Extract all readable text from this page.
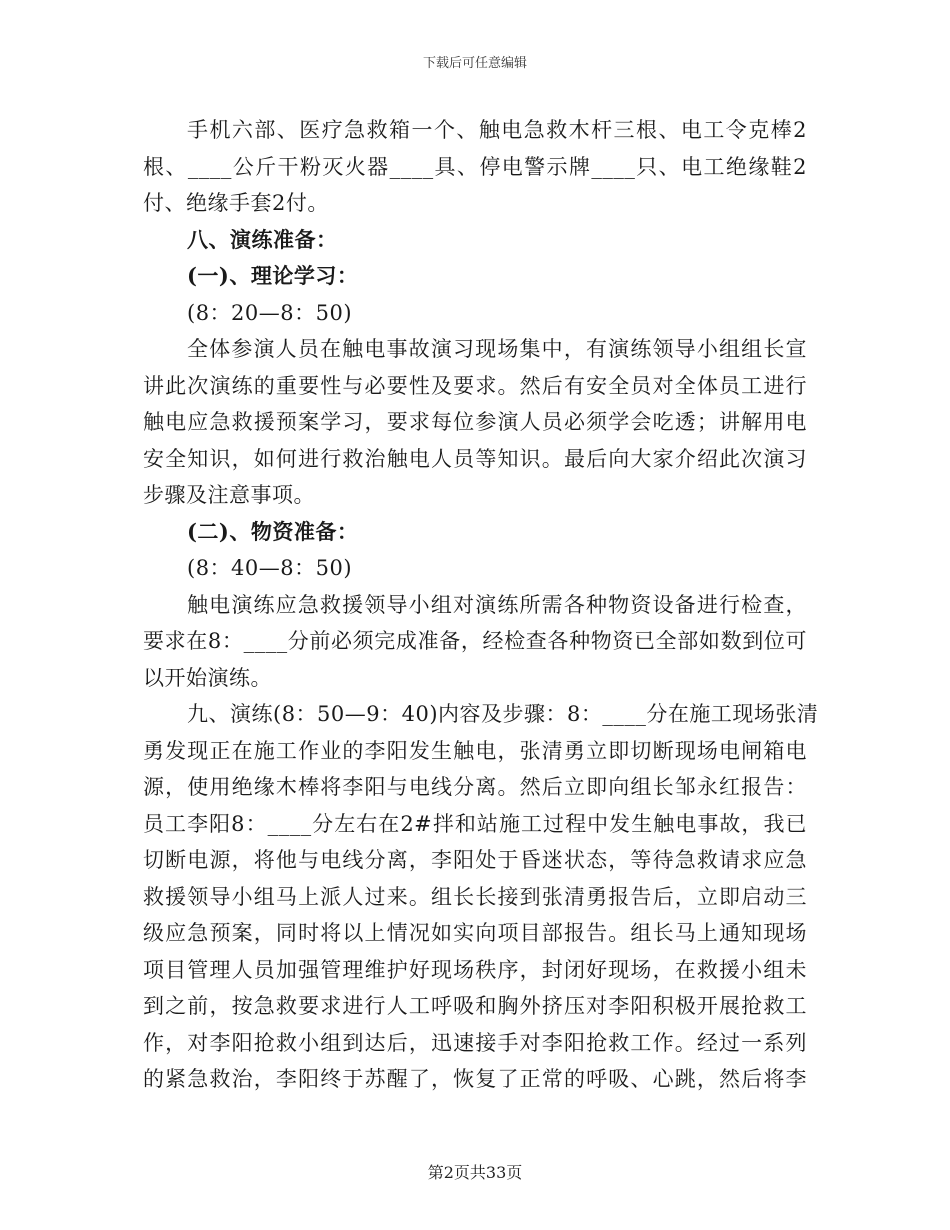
下载后可任意编辑
手机六部、医疗急救箱一个、触电急救木杆三根、电工令克棒2
根、____公斤干粉灭火器____具、停电警示牌____只、电工绝缘鞋2
付、绝缘手套2付。
八、演练准备：
(一)、理论学习：
(8：20—8：50)
全体参演人员在触电事故演习现场集中，有演练领导小组组长宣
讲此次演练的重要性与必要性及要求。然后有安全员对全体员工进行
触电应急救援预案学习，要求每位参演人员必须学会吃透；讲解用电
安全知识，如何进行救治触电人员等知识。最后向大家介绍此次演习
步骤及注意事项。
(二)、物资准备：
(8：40—8：50)
触电演练应急救援领导小组对演练所需各种物资设备进行检查，
要求在8：____分前必须完成准备，经检查各种物资已全部如数到位可
以开始演练。
九、演练(8：50—9：40)内容及步骤：8：____分在施工现场张清
勇发现正在施工作业的李阳发生触电，张清勇立即切断现场电闸箱电
源，使用绝缘木棒将李阳与电线分离。然后立即向组长邹永红报告：
员工李阳8：____分左右在2#拌和站施工过程中发生触电事故，我已
切断电源，将他与电线分离，李阳处于昏迷状态，等待急救请求应急
救援领导小组马上派人过来。组长长接到张清勇报告后，立即启动三
级应急预案，同时将以上情况如实向项目部报告。组长马上通知现场
项目管理人员加强管理维护好现场秩序，封闭好现场，在救援小组未
到之前，按急救要求进行人工呼吸和胸外挤压对李阳积极开展抢救工
作，对李阳抢救小组到达后，迅速接手对李阳抢救工作。经过一系列
的紧急救治，李阳终于苏醒了，恢复了正常的呼吸、心跳，然后将李
第2页共33页
